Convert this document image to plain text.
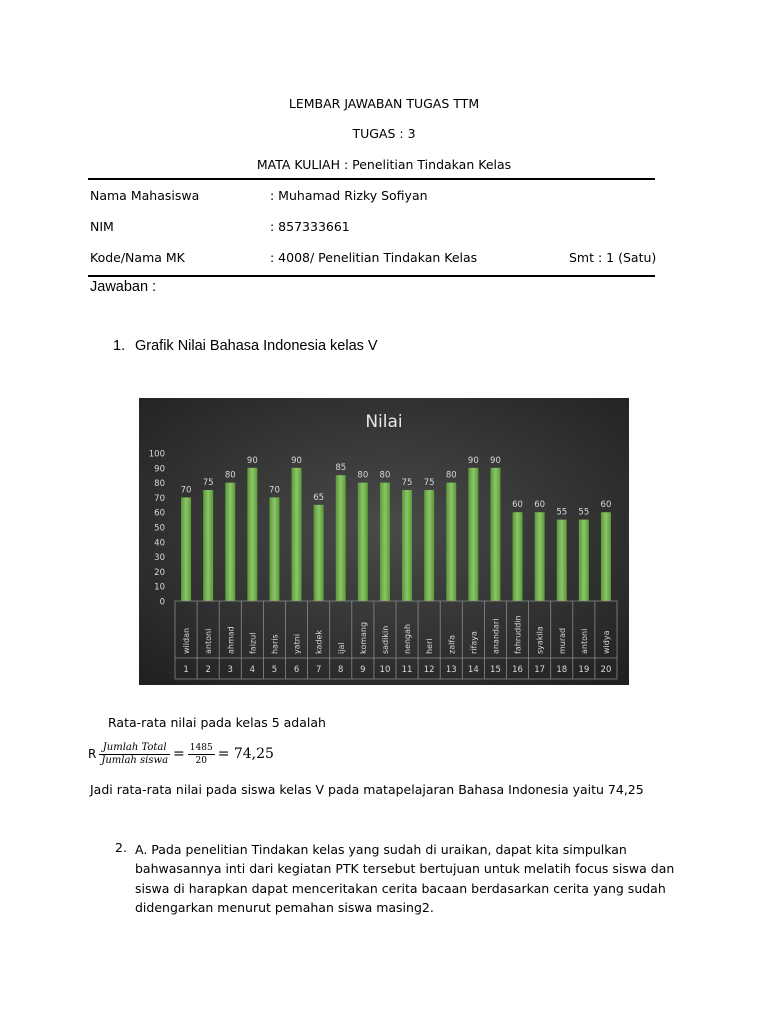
LEMBAR JAWABAN TUGAS TTM
TUGAS : 3
MATA KULIAH : Penelitian Tindakan Kelas
Nama Mahasiswa	: Muhamad Rizky Sofiyan
NIM	: 857333661
Kode/Nama MK	: 4008/ Penelitian Tindakan Kelas	Smt : 1 (Satu)
Jawaban :
1. Grafik Nilai Bahasa Indonesia kelas V
Nilai
0
10
20
30
40
50
60
70
80
90
100
70
75
80
90
70
90
65
85
80 80
75 75
80
90 90
60 60
55 55
60
wildan
1
antoni
2
ahmad
3
faizul
4
haris
5
yatni
6
kadek
7
ijal
8
komang
9
sadikin
10
nengah
11
heri
12
zalfa
13
rifaya
14
anandari
15
fahruddin
16
syakila
17
murad
18
antoni
19
widya
20
Rata-rata nilai pada kelas 5 adalah
R $\frac{\text{Jumlah Total}}{\text{Jumlah siswa}} = \frac{1485}{20} = 74,25$
Jadi rata-rata nilai pada siswa kelas V pada matapelajaran Bahasa Indonesia yaitu 74,25
2. A. Pada penelitian Tindakan kelas yang sudah di uraikan, dapat kita simpulkan bahwasannya inti dari kegiatan PTK tersebut bertujuan untuk melatih focus siswa dan siswa di harapkan dapat menceritakan cerita bacaan berdasarkan cerita yang sudah didengarkan menurut pemahan siswa masing2.
